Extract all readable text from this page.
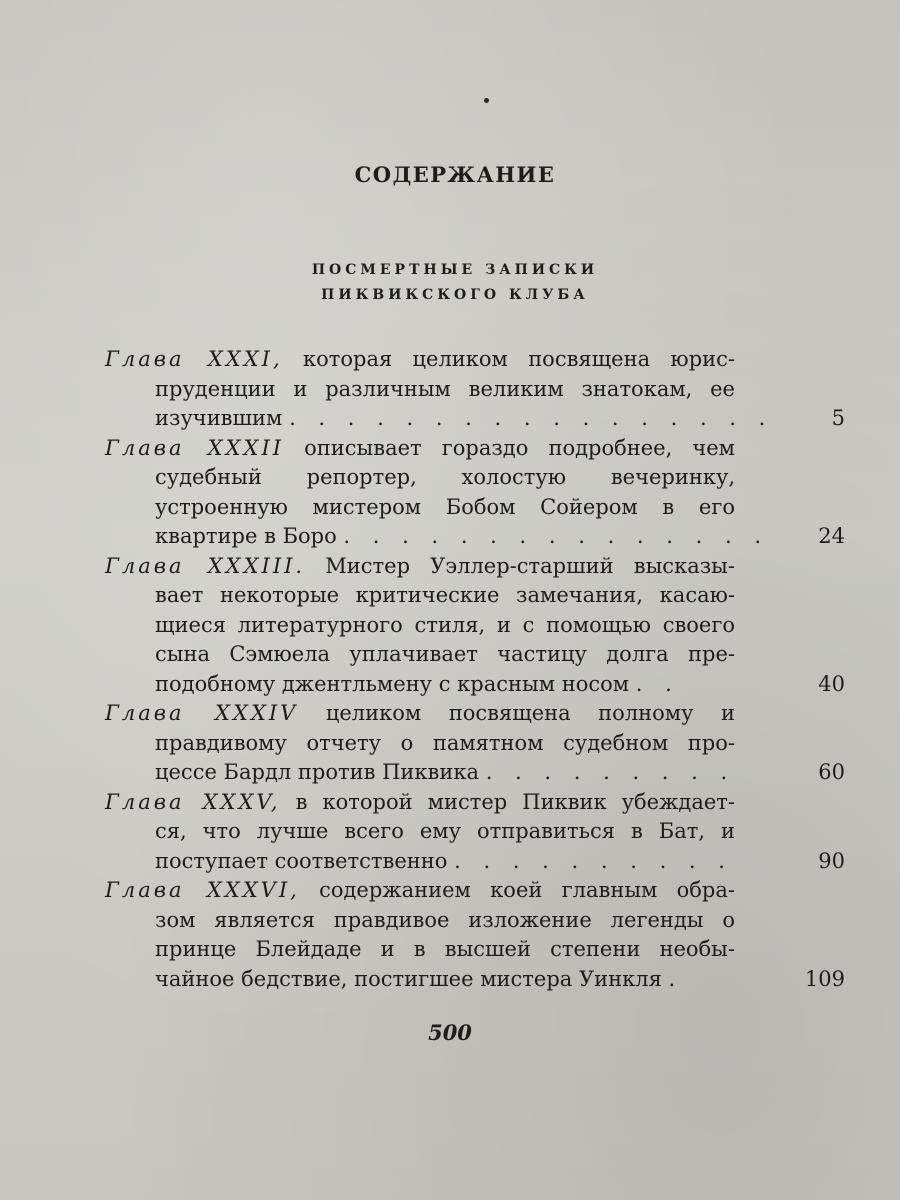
СОДЕРЖАНИЕ
ПОСМЕРТНЫЕ ЗАПИСКИ
ПИКВИКСКОГО КЛУБА
Глава XXXI, которая целиком посвящена юрис-
пруденции и различным великим знатокам, ее
изучившим . . . . . . . . . . . . . . . . .	5
Глава XXXII описывает гораздо подробнее, чем
судебный репортер, холостую вечеринку,
устроенную мистером Бобом Сойером в его
квартире в Боро . . . . . . . . . . . . . . .	24
Глава XXXIII. Мистер Уэллер-старший высказы-
вает некоторые критические замечания, касаю-
щиеся литературного стиля, и с помощью своего
сына Сэмюела уплачивает частицу долга пре-
подобному джентльмену с красным носом . .	40
Глава XXXIV целиком посвящена полному и
правдивому отчету о памятном судебном про-
цессе Бардл против Пиквика . . . . . . . . .	60
Глава XXXV, в которой мистер Пиквик убеждает-
ся, что лучше всего ему отправиться в Бат, и
поступает соответственно . . . . . . . . . .	90
Глава XXXVI, содержанием коей главным обра-
зом является правдивое изложение легенды о
принце Блейдаде и в высшей степени необы-
чайное бедствие, постигшее мистера Уинкля .	109
500
